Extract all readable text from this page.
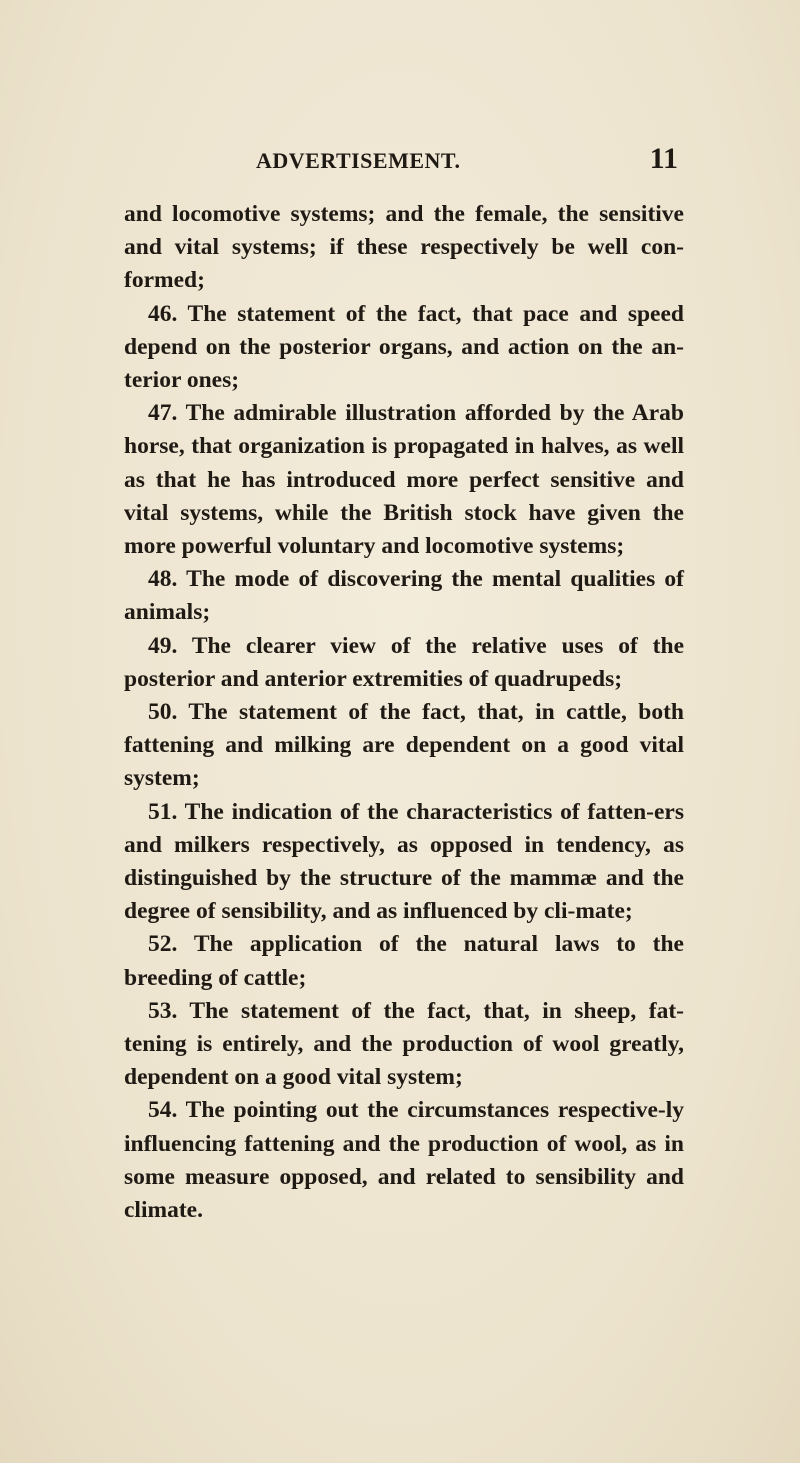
ADVERTISEMENT.	11

and locomotive systems; and the female, the sensitive and vital systems; if these respectively be well con-formed;

46. The statement of the fact, that pace and speed depend on the posterior organs, and action on the an-terior ones;

47. The admirable illustration afforded by the Arab horse, that organization is propagated in halves, as well as that he has introduced more perfect sensitive and vital systems, while the British stock have given the more powerful voluntary and locomotive systems;

48. The mode of discovering the mental qualities of animals;

49. The clearer view of the relative uses of the posterior and anterior extremities of quadrupeds;

50. The statement of the fact, that, in cattle, both fattening and milking are dependent on a good vital system;

51. The indication of the characteristics of fatten-ers and milkers respectively, as opposed in tendency, as distinguished by the structure of the mammæ and the degree of sensibility, and as influenced by cli-mate;

52. The application of the natural laws to the breeding of cattle;

53. The statement of the fact, that, in sheep, fat-tening is entirely, and the production of wool greatly, dependent on a good vital system;

54. The pointing out the circumstances respective-ly influencing fattening and the production of wool, as in some measure opposed, and related to sensibility and climate.
